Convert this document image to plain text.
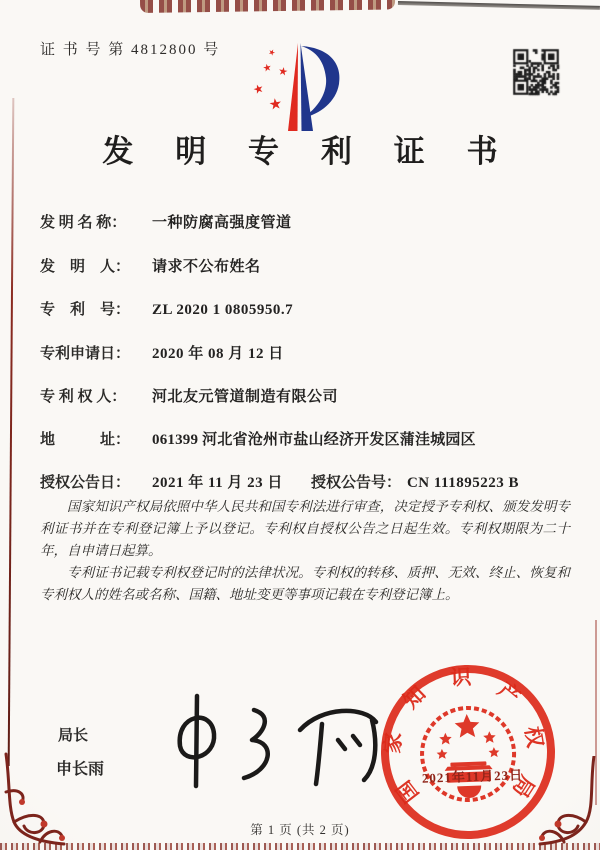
证 书 号 第 4812800 号	★
★ ★
★
★
发 明 专 利 证 书
发 明 名 称：	一种防腐高强度管道
发　明　人：	请求不公布姓名
专　利　号：	ZL 2020 1 0805950.7
专利申请日：	2020 年 08 月 12 日
专 利 权 人：	河北友元管道制造有限公司
地　　　址：	061399 河北省沧州市盐山经济开发区蒲洼城园区
授权公告日：	2021 年 11 月 23 日 授权公告号： CN 111895223 B

国家知识产权局依照中华人民共和国专利法进行审查，决定授予专利权、颁发发明专利证书并在专利登记簿上予以登记。专利权自授权公告之日起生效。专利权期限为二十年，自申请日起算。

专利证书记载专利权登记时的法律状况。专利权的转移、质押、无效、终止、恢复和专利权人的姓名或名称、国籍、地址变更等事项记载在专利登记簿上。

局长
申长雨
国家知识产权局
2021年11月23日
第 1 页 (共 2 页)
